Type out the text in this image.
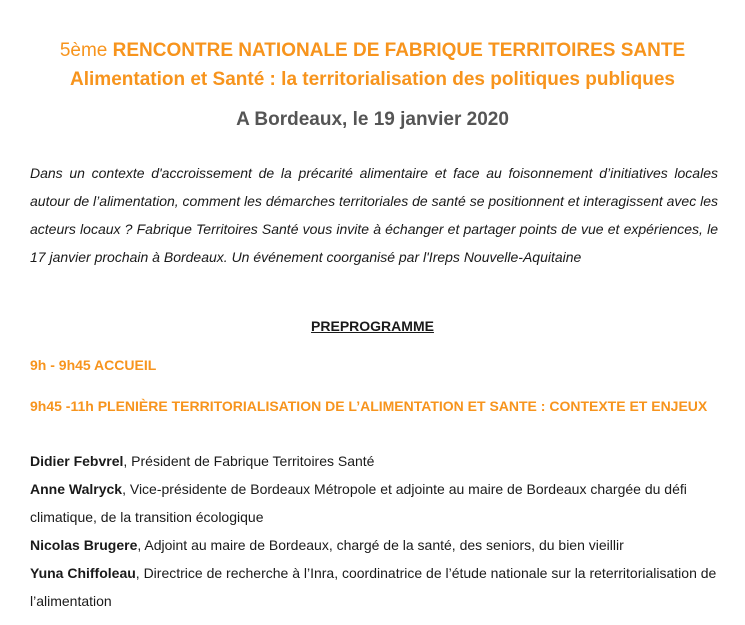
5ème RENCONTRE NATIONALE DE FABRIQUE TERRITOIRES SANTE
Alimentation et Santé : la territorialisation des politiques publiques
A Bordeaux, le 19 janvier 2020

Dans un contexte d'accroissement de la précarité alimentaire et face au foisonnement d’initiatives locales autour de l’alimentation, comment les démarches territoriales de santé se positionnent et interagissent avec les acteurs locaux ? Fabrique Territoires Santé vous invite à échanger et partager points de vue et expériences, le 17 janvier prochain à Bordeaux. Un événement coorganisé par l'Ireps Nouvelle-Aquitaine

PREPROGRAMME

9h - 9h45 ACCUEIL

9h45 -11h PLENIÈRE TERRITORIALISATION DE L’ALIMENTATION ET SANTE : CONTEXTE ET ENJEUX

Didier Febvrel, Président de Fabrique Territoires Santé
Anne Walryck, Vice-présidente de Bordeaux Métropole et adjointe au maire de Bordeaux chargée du défi climatique, de la transition écologique
Nicolas Brugere, Adjoint au maire de Bordeaux, chargé de la santé, des seniors, du bien vieillir
Yuna Chiffoleau, Directrice de recherche à l’Inra, coordinatrice de l’étude nationale sur la reterritorialisation de l’alimentation
